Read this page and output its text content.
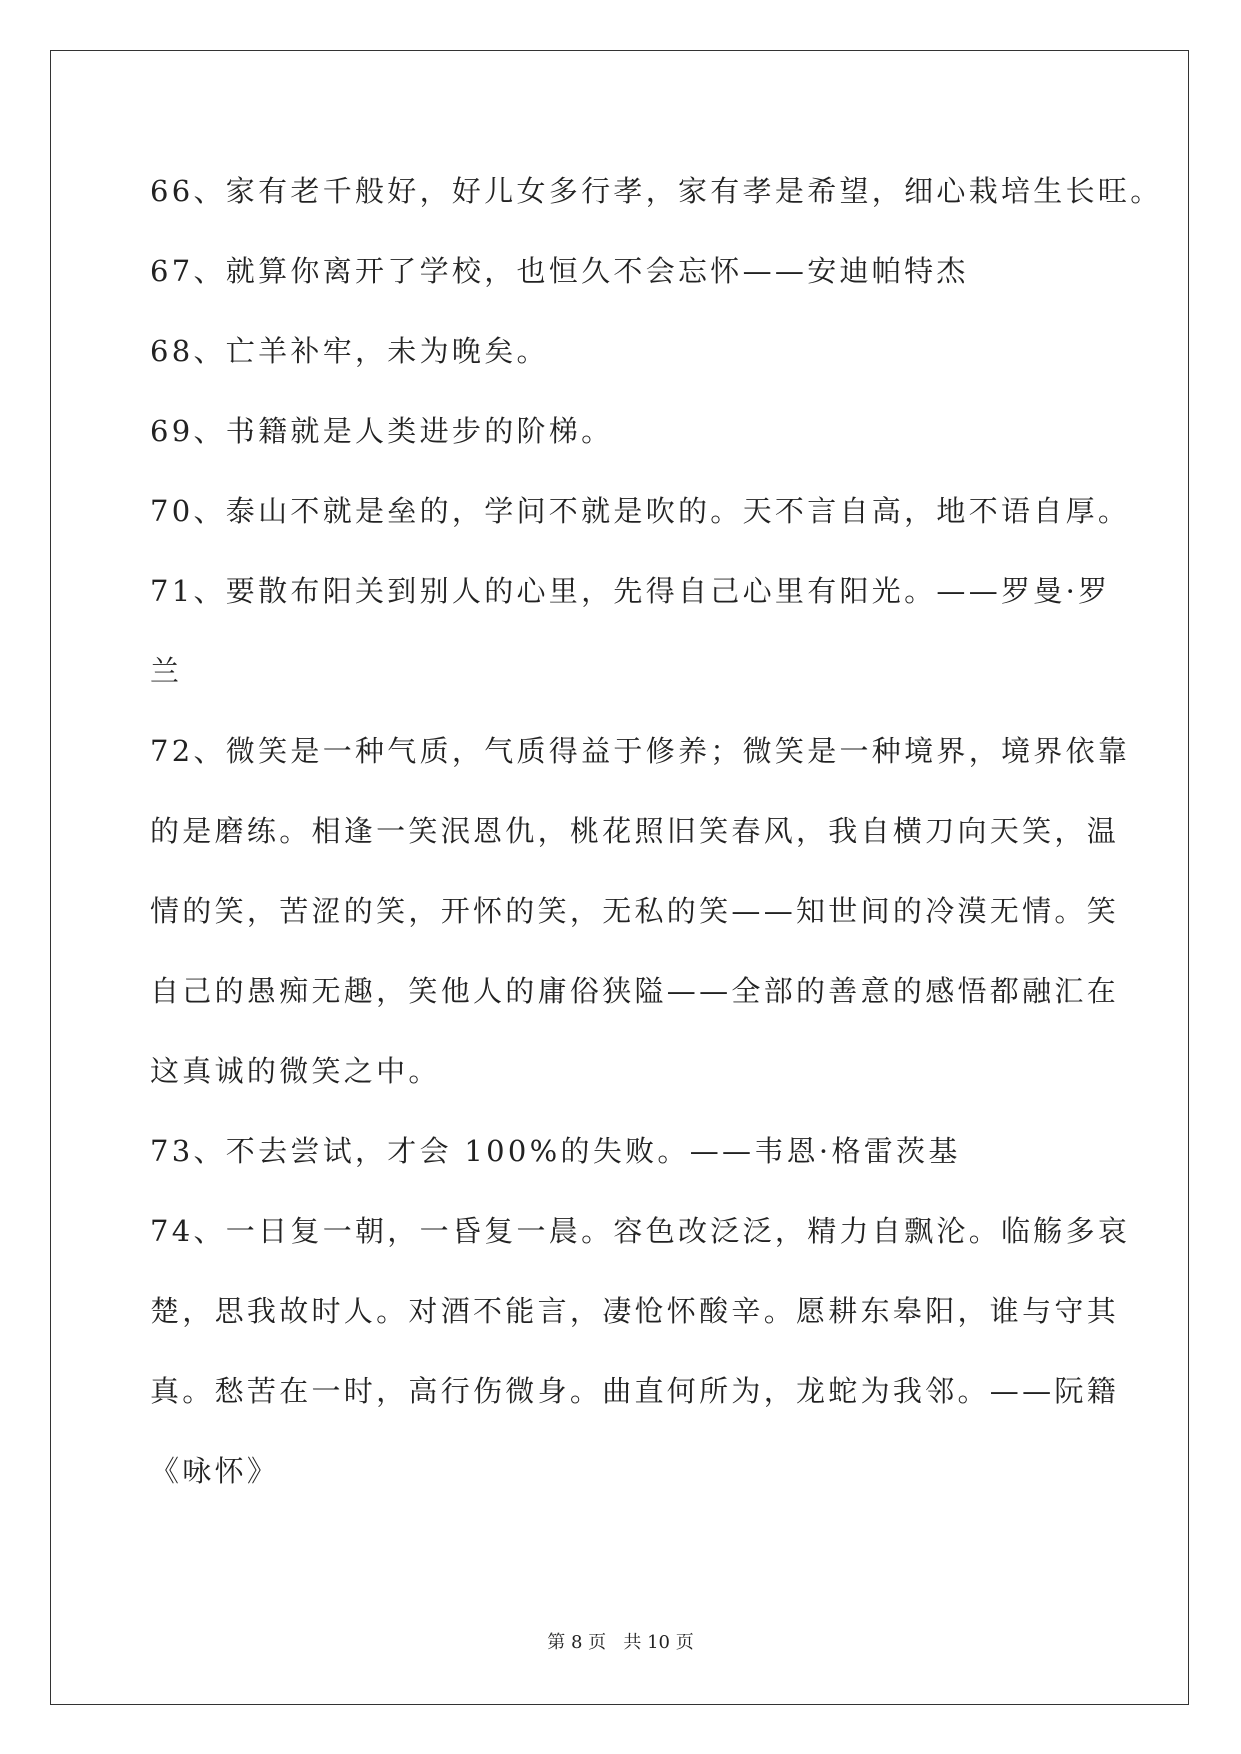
66、家有老千般好，好儿女多行孝，家有孝是希望，细心栽培生长旺。
67、就算你离开了学校，也恒久不会忘怀——安迪帕特杰
68、亡羊补牢，未为晚矣。
69、书籍就是人类进步的阶梯。
70、泰山不就是垒的，学问不就是吹的。天不言自高，地不语自厚。
71、要散布阳关到别人的心里，先得自己心里有阳光。——罗曼·罗
兰
72、微笑是一种气质，气质得益于修养；微笑是一种境界，境界依靠
的是磨练。相逢一笑泯恩仇，桃花照旧笑春风，我自横刀向天笑，温
情的笑，苦涩的笑，开怀的笑，无私的笑——知世间的冷漠无情。笑
自己的愚痴无趣，笑他人的庸俗狭隘——全部的善意的感悟都融汇在
这真诚的微笑之中。
73、不去尝试，才会 100%的失败。——韦恩·格雷茨基
74、一日复一朝，一昏复一晨。容色改泛泛，精力自飘沦。临觞多哀
楚，思我故时人。对酒不能言，凄怆怀酸辛。愿耕东皋阳，谁与守其
真。愁苦在一时，高行伤微身。曲直何所为，龙蛇为我邻。——阮籍
《咏怀》
第 8 页   共 10 页
